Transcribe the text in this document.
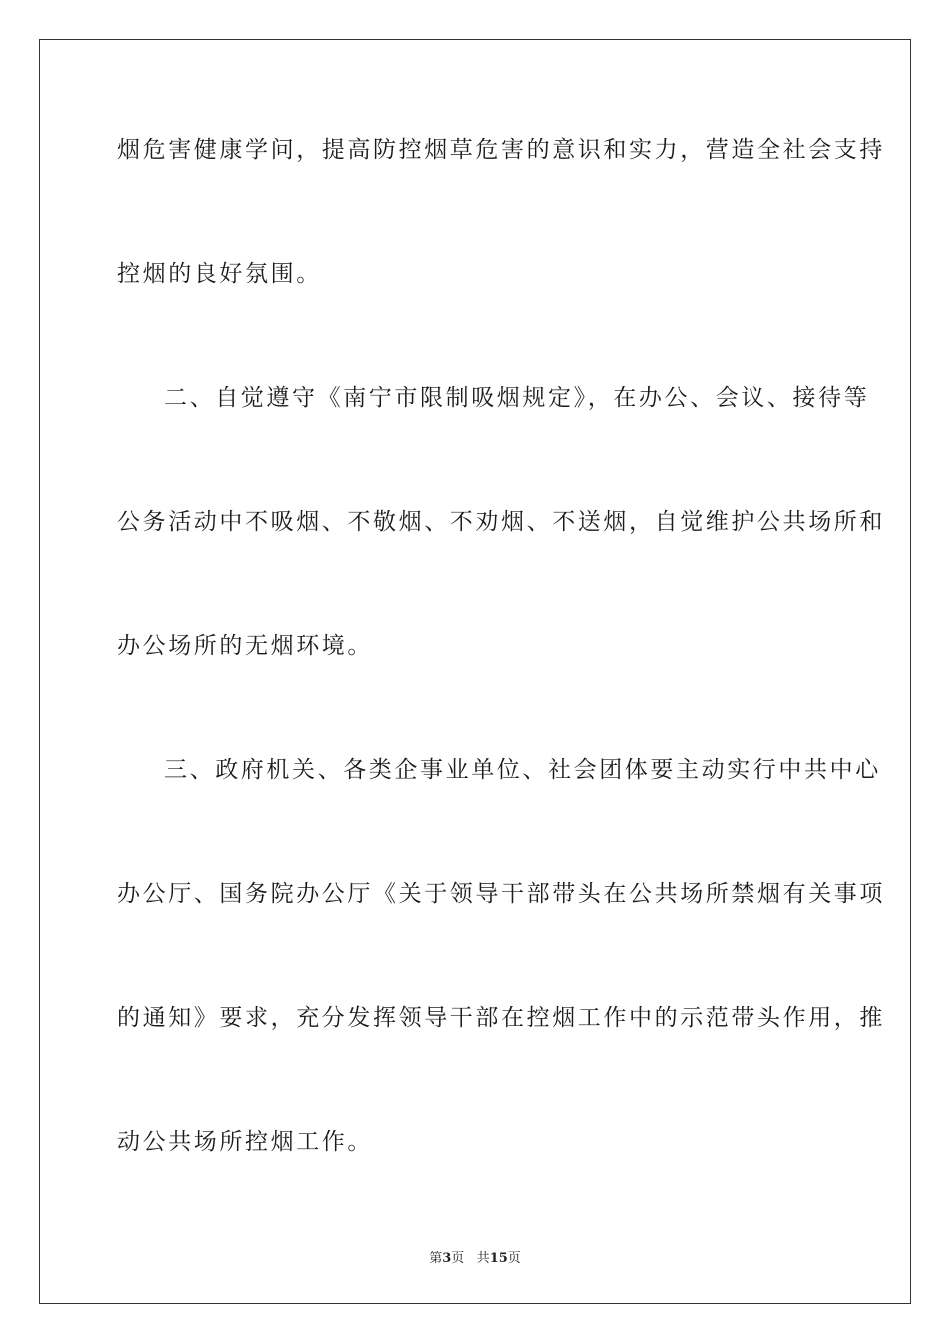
烟危害健康学问，提高防控烟草危害的意识和实力，营造全社会支持
控烟的良好氛围。
二、自觉遵守《南宁市限制吸烟规定》，在办公、会议、接待等
公务活动中不吸烟、不敬烟、不劝烟、不送烟，自觉维护公共场所和
办公场所的无烟环境。
三、政府机关、各类企事业单位、社会团体要主动实行中共中心
办公厅、国务院办公厅《关于领导干部带头在公共场所禁烟有关事项
的通知》要求，充分发挥领导干部在控烟工作中的示范带头作用，推
动公共场所控烟工作。
第3页 共15页
